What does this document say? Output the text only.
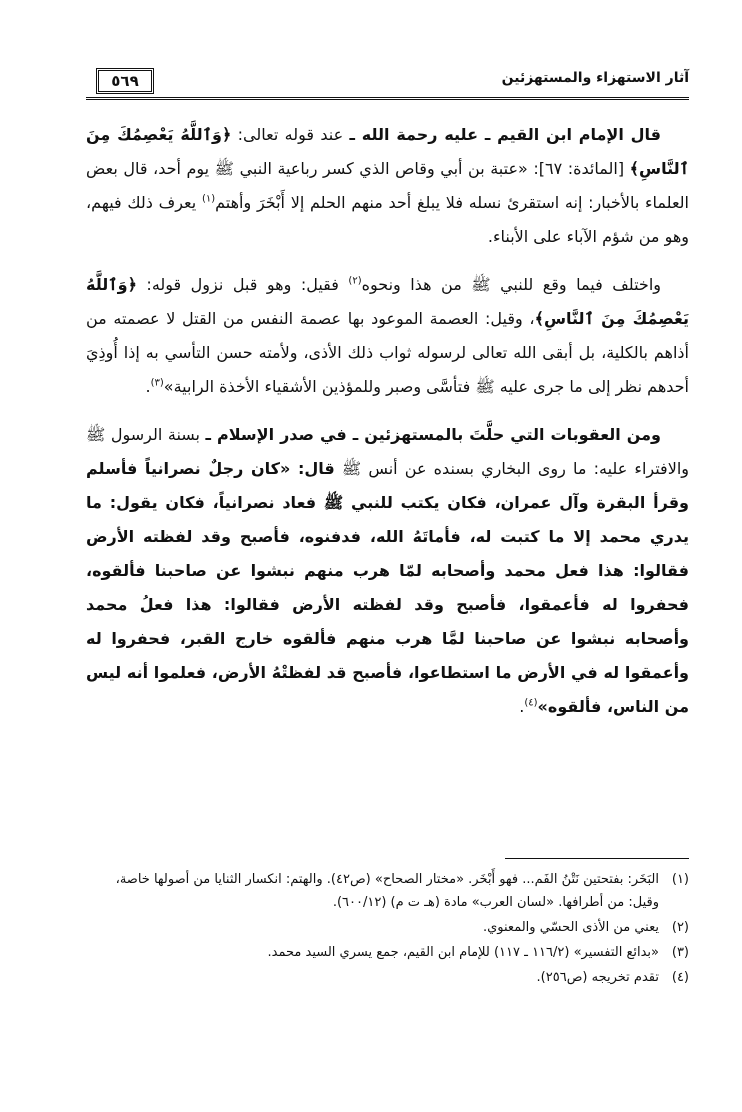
آثار الاستهزاء والمستهزئين
٥٦٩

قال الإمام ابن القيم ـ عليه رحمة الله ـ عند قوله تعالى: ﴿وَٱللَّهُ يَعْصِمُكَ مِنَ ٱلنَّاسِ﴾ [المائدة: ٦٧]: «عتبة بن أبي وقاص الذي كسر رباعية النبي ﷺ يوم أحد، قال بعض العلماء بالأخبار: إنه استقرئ نسله فلا يبلغ أحد منهم الحلم إلا أَبْخَرَ وأهتم$^{(١)}$ يعرف ذلك فيهم، وهو من شؤم الآباء على الأبناء.

واختلف فيما وقع للنبي ﷺ من هذا ونحوه$^{(٢)}$ فقيل: وهو قبل نزول قوله: ﴿وَٱللَّهُ يَعْصِمُكَ مِنَ ٱلنَّاسِ﴾، وقيل: العصمة الموعود بها عصمة النفس من القتل لا عصمته من أذاهم بالكلية، بل أبقى الله تعالى لرسوله ثواب ذلك الأذى، ولأمته حسن التأسي به إذا أُوذِيَ أحدهم نظر إلى ما جرى عليه ﷺ فتأسَّى وصبر وللمؤذين الأشقياء الأخذة الرابية»$^{(٣)}$.

ومن العقوبات التي حلَّتَ بالمستهزئين ـ في صدر الإسلام ـ بسنة الرسول ﷺ والافتراء عليه: ما روى البخاري بسنده عن أنس ﷺ قال: «كان رجلٌ نصرانياً فأسلم وقرأ البقرة وآل عمران، فكان يكتب للنبي ﷺ فعاد نصرانياً، فكان يقول: ما يدري محمد إلا ما كتبت له، فأماتَهُ الله، فدفنوه، فأصبح وقد لفظته الأرض فقالوا: هذا فعل محمد وأصحابه لمّا هرب منهم نبشوا عن صاحبنا فألقوه، فحفروا له فأعمقوا، فأصبح وقد لفظته الأرض فقالوا: هذا فعلُ محمد وأصحابه نبشوا عن صاحبنا لمَّا هرب منهم فألقوه خارج القبر، فحفروا له وأعمقوا له في الأرض ما استطاعوا، فأصبح قد لفظتْهُ الأرض، فعلموا أنه ليس من الناس، فألقوه»$^{(٤)}$.

(١)
البَخَر: بفتحتين نَتْنُ الفَم... فهو أَبْخَر. «مختار الصحاح» (ص٤٢). والهتم: انكسار الثنايا من أصولها خاصة، وقيل: من أطرافها. «لسان العرب» مادة (هـ ت م) (٦٠٠/١٢).
(٢)
يعني من الأذى الحسّي والمعنوي.
(٣)
«بدائع التفسير» (١١٦/٢ ـ ١١٧) للإمام ابن القيم، جمع يسري السيد محمد.
(٤)
تقدم تخريجه (ص٢٥٦).
